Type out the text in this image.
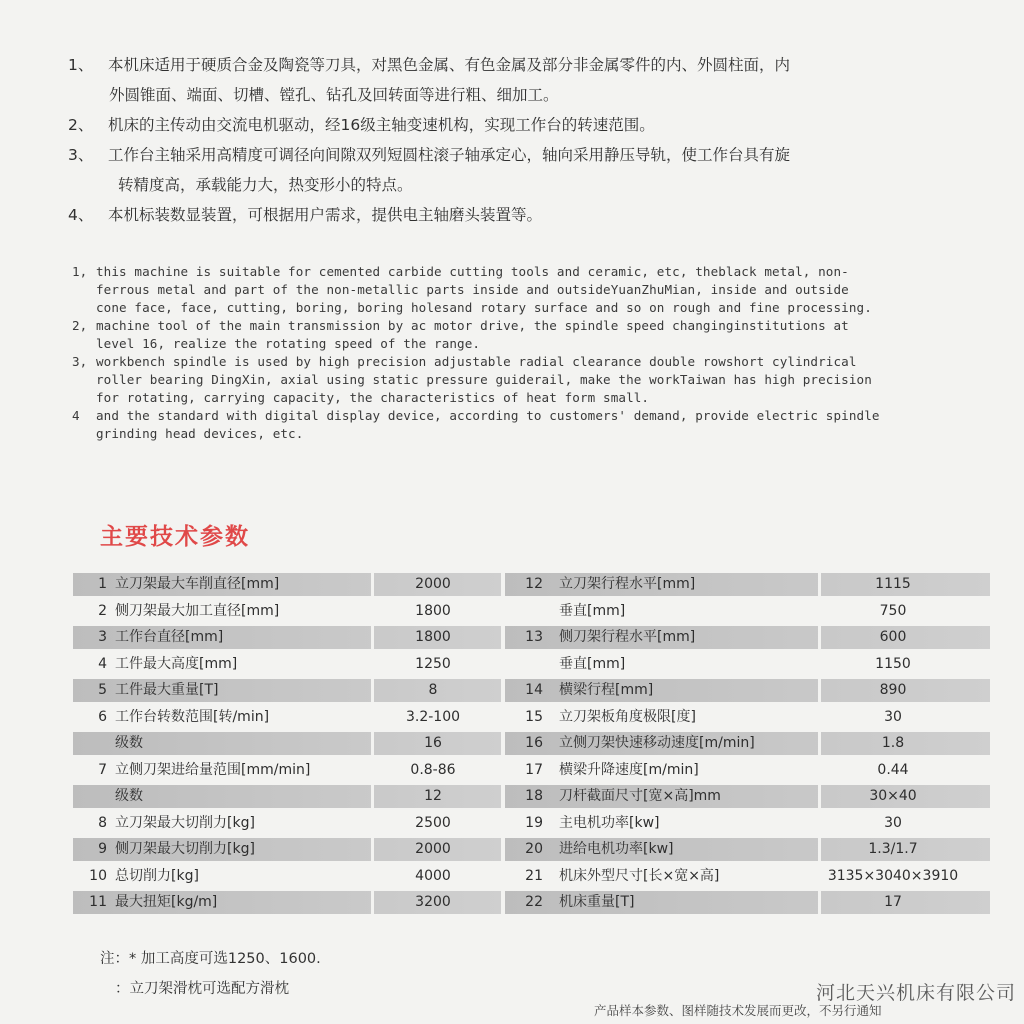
1、 本机床适用于硬质合金及陶瓷等刀具，对黑色金属、有色金属及部分非金属零件的内、外圆柱面，内
外圆锥面、端面、切槽、镗孔、钻孔及回转面等进行粗、细加工。
2、 机床的主传动由交流电机驱动，经16级主轴变速机构，实现工作台的转速范围。
3、 工作台主轴采用高精度可调径向间隙双列短圆柱滚子轴承定心，轴向采用静压导轨，使工作台具有旋
转精度高，承载能力大，热变形小的特点。
4、 本机标装数显装置，可根据用户需求，提供电主轴磨头装置等。
1, this machine is suitable for cemented carbide cutting tools and ceramic, etc, theblack metal, non-
ferrous metal and part of the non-metallic parts inside and outsideYuanZhuMian, inside and outside
cone face, face, cutting, boring, boring holesand rotary surface and so on rough and fine processing.
2, machine tool of the main transmission by ac motor drive, the spindle speed changinginstitutions at
level 16, realize the rotating speed of the range.
3, workbench spindle is used by high precision adjustable radial clearance double rowshort cylindrical
roller bearing DingXin, axial using static pressure guiderail, make the workTaiwan has high precision
for rotating, carrying capacity, the characteristics of heat form small.
4	and the standard with digital display device, according to customers' demand, provide electric spindle
grinding head devices, etc.
主要技术参数
1 立刀架最大车削直径[mm]	2000	12 立刀架行程水平[mm]	1115
2 侧刀架最大加工直径[mm]	1800	垂直[mm]	750
3 工作台直径[mm]	1800	13 侧刀架行程水平[mm]	600
4 工件最大高度[mm]	1250	垂直[mm]	1150
5 工件最大重量[T]	8	14 横梁行程[mm]	890
6 工作台转数范围[转/min]	3.2-100	15 立刀架板角度极限[度]	30
级数	16	16 立侧刀架快速移动速度[m/min]	1.8
7 立侧刀架进给量范围[mm/min]	0.8-86	17 横梁升降速度[m/min]	0.44
级数	12	18 刀杆截面尺寸[宽×高]mm	30×40
8 立刀架最大切削力[kg]	2500	19 主电机功率[kw]	30
9 侧刀架最大切削力[kg]	2000	20 进给电机功率[kw]	1.3/1.7
10 总切削力[kg]	4000	21 机床外型尺寸[长×宽×高]	3135×3040×3910
11 最大扭矩[kg/m]	3200	22 机床重量[T]	17
注：* 加工高度可选1250、1600.
：立刀架滑枕可选配方滑枕	河北天兴机床有限公司
产品样本参数、图样随技术发展而更改，不另行通知
